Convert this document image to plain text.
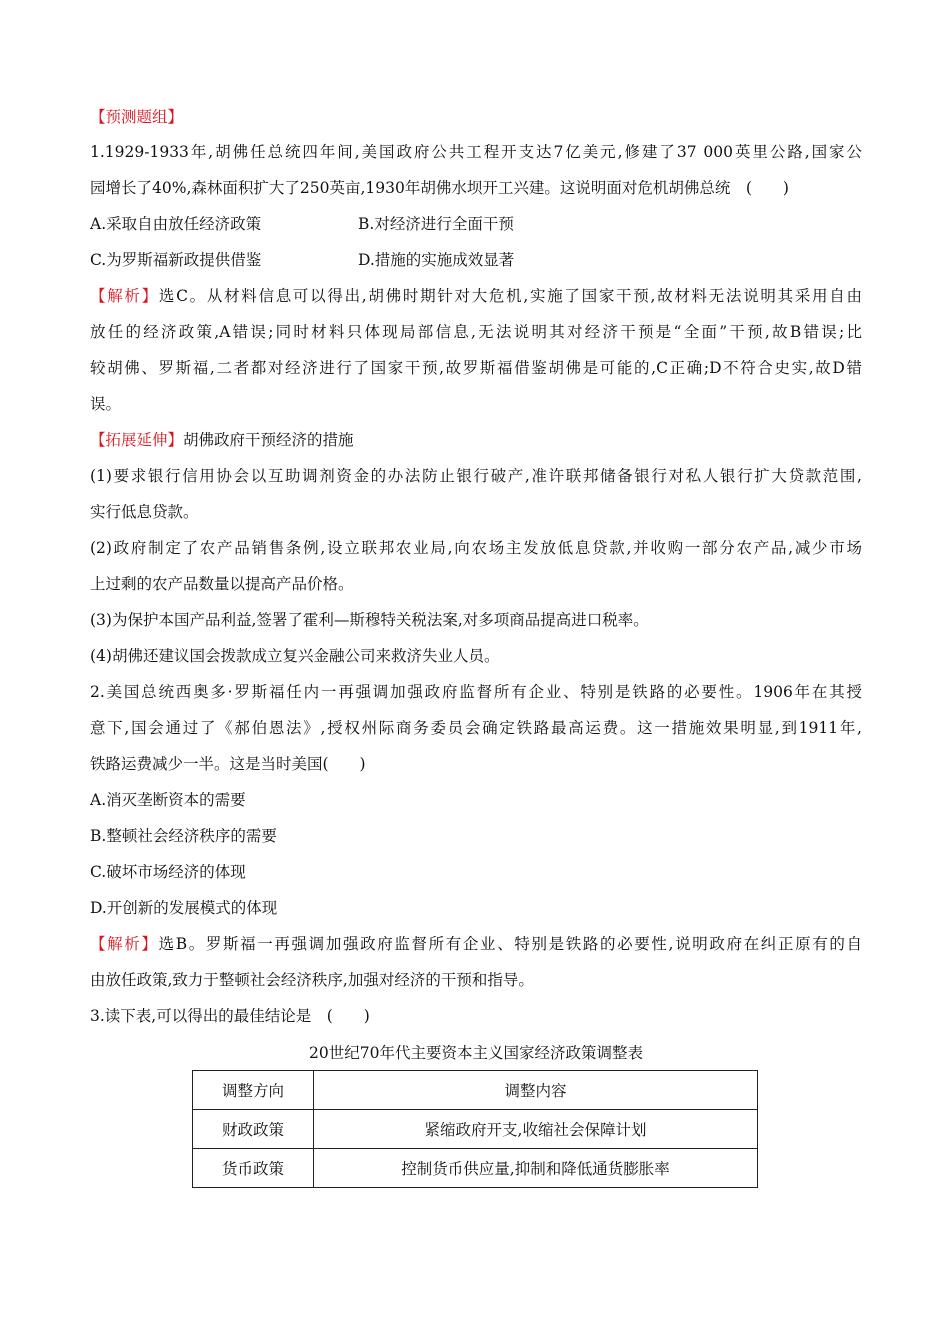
【预测题组】
1.1929-1933年,胡佛任总统四年间,美国政府公共工程开支达7亿美元,修建了37 000英里公路,国家公
园增长了40%,森林面积扩大了250英亩,1930年胡佛水坝开工兴建。这说明面对危机胡佛总统　(　　)
A.采取自由放任经济政策	B.对经济进行全面干预
C.为罗斯福新政提供借鉴	D.措施的实施成效显著
【解析】选C。从材料信息可以得出,胡佛时期针对大危机,实施了国家干预,故材料无法说明其采用自由
放任的经济政策,A错误;同时材料只体现局部信息,无法说明其对经济干预是“全面”干预,故B错误;比
较胡佛、罗斯福,二者都对经济进行了国家干预,故罗斯福借鉴胡佛是可能的,C正确;D不符合史实,故D错
误。
【拓展延伸】胡佛政府干预经济的措施
(1)要求银行信用协会以互助调剂资金的办法防止银行破产,准许联邦储备银行对私人银行扩大贷款范围,
实行低息贷款。
(2)政府制定了农产品销售条例,设立联邦农业局,向农场主发放低息贷款,并收购一部分农产品,减少市场
上过剩的农产品数量以提高产品价格。
(3)为保护本国产品利益,签署了霍利—斯穆特关税法案,对多项商品提高进口税率。
(4)胡佛还建议国会拨款成立复兴金融公司来救济失业人员。
2.美国总统西奥多·罗斯福任内一再强调加强政府监督所有企业、特别是铁路的必要性。1906年在其授
意下,国会通过了《郝伯恩法》,授权州际商务委员会确定铁路最高运费。这一措施效果明显,到1911年,
铁路运费减少一半。这是当时美国(　　)
A.消灭垄断资本的需要
B.整顿社会经济秩序的需要
C.破坏市场经济的体现
D.开创新的发展模式的体现
【解析】选B。罗斯福一再强调加强政府监督所有企业、特别是铁路的必要性,说明政府在纠正原有的自
由放任政策,致力于整顿社会经济秩序,加强对经济的干预和指导。
3.读下表,可以得出的最佳结论是　(　　)
20世纪70年代主要资本主义国家经济政策调整表
调整方向	调整内容
财政政策	紧缩政府开支,收缩社会保障计划
货币政策	控制货币供应量,抑制和降低通货膨胀率
